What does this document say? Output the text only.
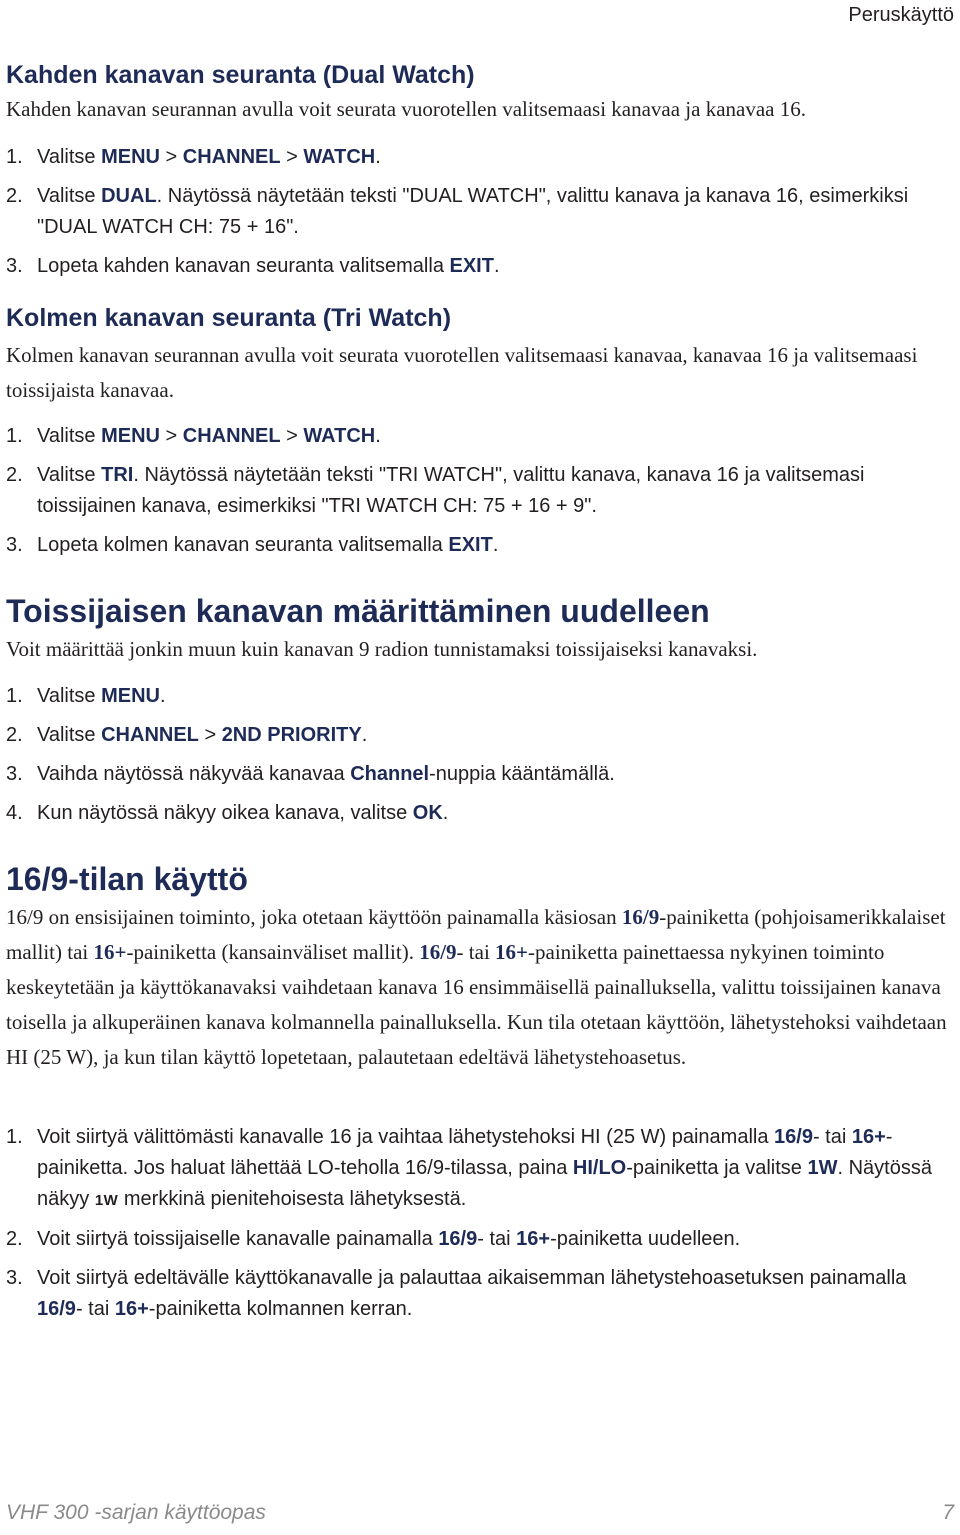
Peruskäyttö
Kahden kanavan seuranta (Dual Watch)

Kahden kanavan seurannan avulla voit seurata vuorotellen valitsemaasi kanavaa ja kanavaa 16.

1. Valitse MENU > CHANNEL > WATCH.
2. Valitse DUAL. Näytössä näytetään teksti "DUAL WATCH", valittu kanava ja kanava 16, esimerkiksi "DUAL WATCH CH: 75 + 16".
3. Lopeta kahden kanavan seuranta valitsemalla EXIT.
Kolmen kanavan seuranta (Tri Watch)

Kolmen kanavan seurannan avulla voit seurata vuorotellen valitsemaasi kanavaa, kanavaa 16 ja valitsemaasi toissijaista kanavaa.

1. Valitse MENU > CHANNEL > WATCH.
2. Valitse TRI. Näytössä näytetään teksti "TRI WATCH", valittu kanava, kanava 16 ja valitsemasi toissijainen kanava, esimerkiksi "TRI WATCH CH: 75 + 16 + 9".
3. Lopeta kolmen kanavan seuranta valitsemalla EXIT.
Toissijaisen kanavan määrittäminen uudelleen

Voit määrittää jonkin muun kuin kanavan 9 radion tunnistamaksi toissijaiseksi kanavaksi.

1. Valitse MENU.
2. Valitse CHANNEL > 2ND PRIORITY.
3. Vaihda näytössä näkyvää kanavaa Channel-nuppia kääntämällä.
4. Kun näytössä näkyy oikea kanava, valitse OK.
16/9-tilan käyttö

16/9 on ensisijainen toiminto, joka otetaan käyttöön painamalla käsiosan 16/9-painiketta (pohjoisamerikkalaiset mallit) tai 16+-painiketta (kansainväliset mallit). 16/9- tai 16+-painiketta painettaessa nykyinen toiminto keskeytetään ja käyttökanavaksi vaihdetaan kanava 16 ensimmäisellä painalluksella, valittu toissijainen kanava toisella ja alkuperäinen kanava kolmannella painalluksella. Kun tila otetaan käyttöön, lähetystehoksi vaihdetaan HI (25 W), ja kun tilan käyttö lopetetaan, palautetaan edeltävä lähetystehoasetus.

1. Voit siirtyä välittömästi kanavalle 16 ja vaihtaa lähetystehoksi HI (25 W) painamalla 16/9- tai 16+-painiketta. Jos haluat lähettää LO-teholla 16/9-tilassa, paina HI/LO-painiketta ja valitse 1W. Näytössä näkyy 1W merkkinä pienitehoisesta lähetyksestä.
2. Voit siirtyä toissijaiselle kanavalle painamalla 16/9- tai 16+-painiketta uudelleen.
3. Voit siirtyä edeltävälle käyttökanavalle ja palauttaa aikaisemman lähetystehoasetuksen painamalla 16/9- tai 16+-painiketta kolmannen kerran.
VHF 300 -sarjan käyttöopas	7
